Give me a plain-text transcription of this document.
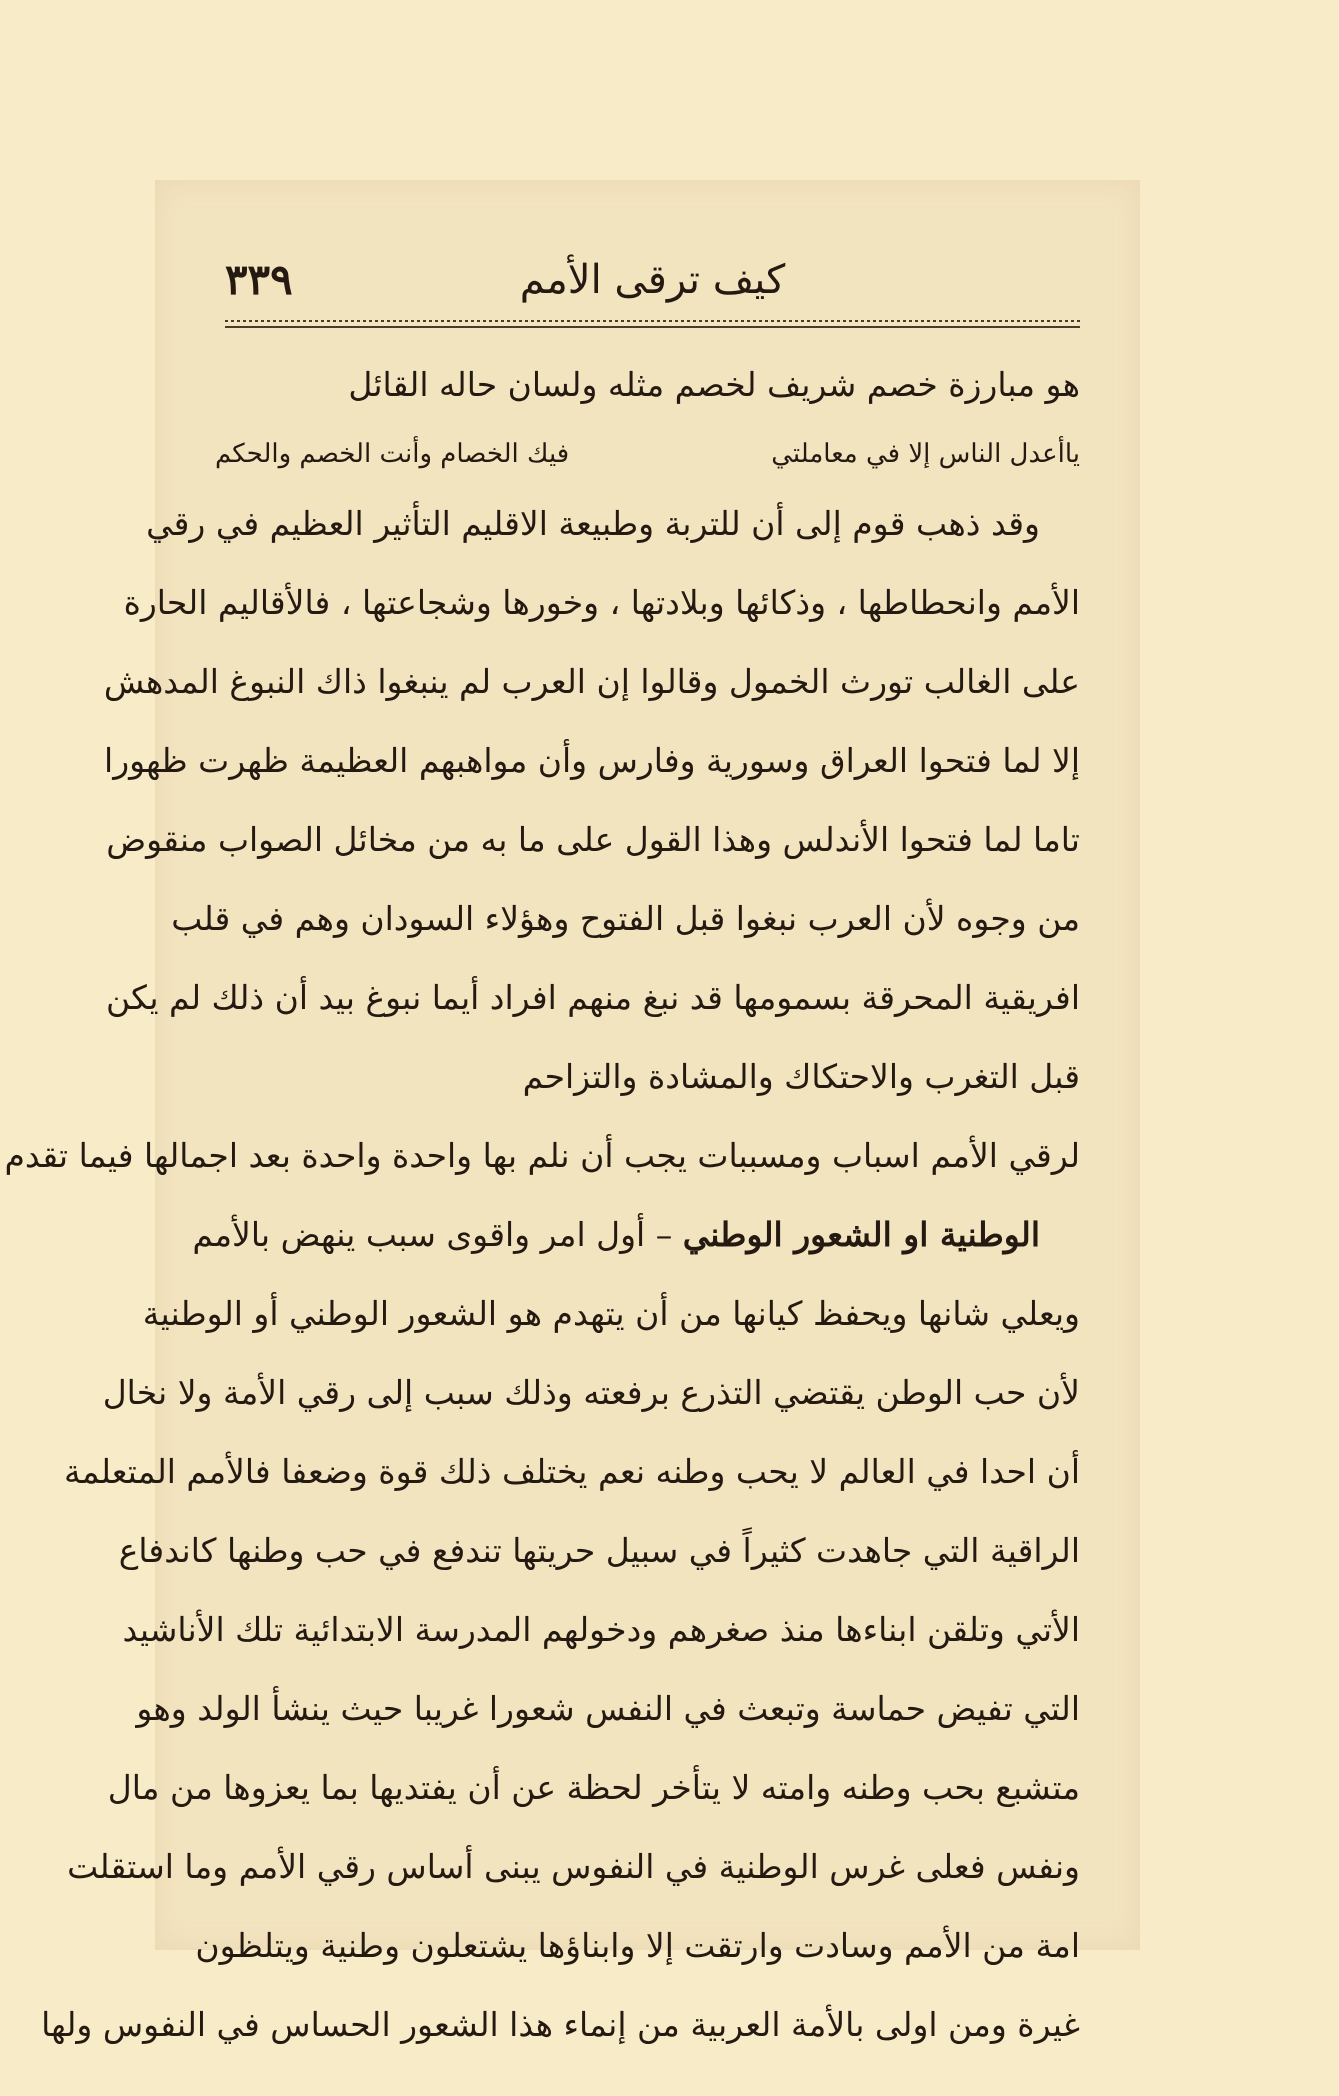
٣٣٩	كيف ترقى الأمم
هو مبارزة خصم شريف لخصم مثله ولسان حاله القائل
ياأعدل الناس إلا في معاملتي
فيك الخصام وأنت الخصم والحكم
وقد ذهب قوم إلى أن للتربة وطبيعة الاقليم التأثير العظيم في رقي
الأمم وانحطاطها ، وذكائها وبلادتها ، وخورها وشجاعتها ، فالأقاليم الحارة
على الغالب تورث الخمول وقالوا إن العرب لم ينبغوا ذاك النبوغ المدهش
إلا لما فتحوا العراق وسورية وفارس وأن مواهبهم العظيمة ظهرت ظهورا
تاما لما فتحوا الأندلس وهذا القول على ما به من مخائل الصواب منقوض
من وجوه لأن العرب نبغوا قبل الفتوح وهؤلاء السودان وهم في قلب
افريقية المحرقة بسمومها قد نبغ منهم افراد أيما نبوغ بيد أن ذلك لم يكن
قبل التغرب والاحتكاك والمشادة والتزاحم
لرقي الأمم اسباب ومسببات يجب أن نلم بها واحدة واحدة بعد اجمالها فيما تقدم
الوطنية او الشعور الوطني – أول امر واقوى سبب ينهض بالأمم
ويعلي شانها ويحفظ كيانها من أن يتهدم هو الشعور الوطني أو الوطنية
لأن حب الوطن يقتضي التذرع برفعته وذلك سبب إلى رقي الأمة ولا نخال
أن احدا في العالم لا يحب وطنه نعم يختلف ذلك قوة وضعفا فالأمم المتعلمة
الراقية التي جاهدت كثيراً في سبيل حريتها تندفع في حب وطنها كاندفاع
الأتي وتلقن ابناءها منذ صغرهم ودخولهم المدرسة الابتدائية تلك الأناشيد
التي تفيض حماسة وتبعث في النفس شعورا غريبا حيث ينشأ الولد وهو
متشبع بحب وطنه وامته لا يتأخر لحظة عن أن يفتديها بما يعزوها من مال
ونفس فعلى غرس الوطنية في النفوس يبنى أساس رقي الأمم وما استقلت
امة من الأمم وسادت وارتقت إلا وابناؤها يشتعلون وطنية ويتلظون
غيرة ومن اولى بالأمة العربية من إنماء هذا الشعور الحساس في النفوس ولها
